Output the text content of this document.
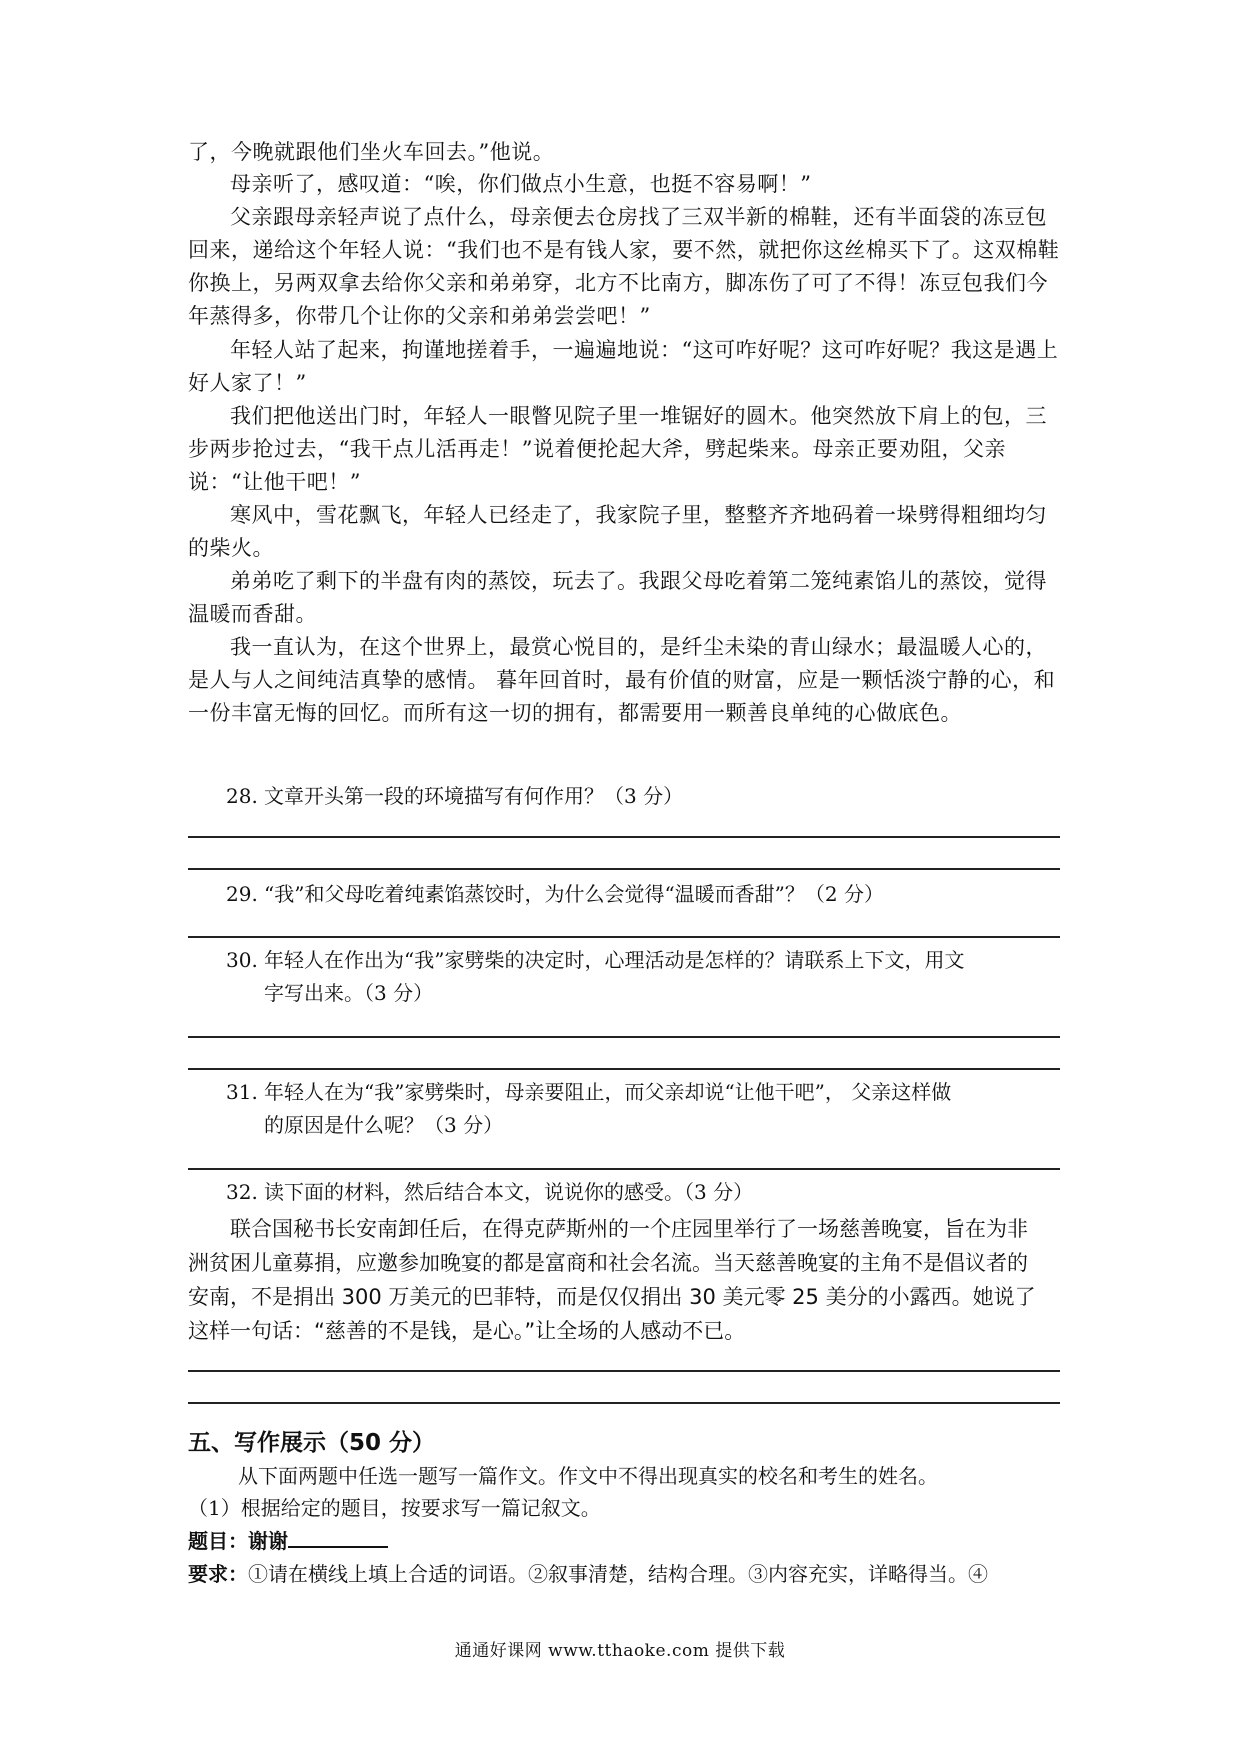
了，今晚就跟他们坐火车回去。”他说。

母亲听了，感叹道：“唉，你们做点小生意，也挺不容易啊！”

父亲跟母亲轻声说了点什么，母亲便去仓房找了三双半新的棉鞋，还有半面袋的冻豆包回来，递给这个年轻人说：“我们也不是有钱人家，要不然，就把你这丝棉买下了。这双棉鞋你换上，另两双拿去给你父亲和弟弟穿，北方不比南方，脚冻伤了可了不得！冻豆包我们今年蒸得多，你带几个让你的父亲和弟弟尝尝吧！”

年轻人站了起来，拘谨地搓着手，一遍遍地说：“这可咋好呢？这可咋好呢？我这是遇上好人家了！”

我们把他送出门时，年轻人一眼瞥见院子里一堆锯好的圆木。他突然放下肩上的包，三步两步抢过去，“我干点儿活再走！”说着便抡起大斧，劈起柴来。母亲正要劝阻，父亲说：“让他干吧！”

寒风中，雪花飘飞，年轻人已经走了，我家院子里，整整齐齐地码着一垛劈得粗细均匀的柴火。

弟弟吃了剩下的半盘有肉的蒸饺，玩去了。我跟父母吃着第二笼纯素馅儿的蒸饺，觉得温暖而香甜。

我一直认为，在这个世界上，最赏心悦目的，是纤尘未染的青山绿水；最温暖人心的，是人与人之间纯洁真挚的感情。 暮年回首时，最有价值的财富，应是一颗恬淡宁静的心，和一份丰富无悔的回忆。而所有这一切的拥有，都需要用一颗善良单纯的心做底色。

28. 文章开头第一段的环境描写有何作用？（3 分）

29. “我”和父母吃着纯素馅蒸饺时，为什么会觉得“温暖而香甜”？（2 分）

30. 年轻人在作出为“我”家劈柴的决定时，心理活动是怎样的？请联系上下文，用文
字写出来。（3 分）

31. 年轻人在为“我”家劈柴时，母亲要阻止，而父亲却说“让他干吧”， 父亲这样做
的原因是什么呢？（3 分）

32. 读下面的材料，然后结合本文，说说你的感受。（3 分）

联合国秘书长安南卸任后，在得克萨斯州的一个庄园里举行了一场慈善晚宴，旨在为非
洲贫困儿童募捐，应邀参加晚宴的都是富商和社会名流。当天慈善晚宴的主角不是倡议者的
安南，不是捐出 300 万美元的巴菲特，而是仅仅捐出 30 美元零 25 美分的小露西。她说了
这样一句话：“慈善的不是钱，是心。”让全场的人感动不已。

五、写作展示（50 分）

从下面两题中任选一题写一篇作文。作文中不得出现真实的校名和考生的姓名。

（1）根据给定的题目，按要求写一篇记叙文。

题目：谢谢

要求：①请在横线上填上合适的词语。②叙事清楚，结构合理。③内容充实，详略得当。④

通通好课网 www.tthaoke.com 提供下载
